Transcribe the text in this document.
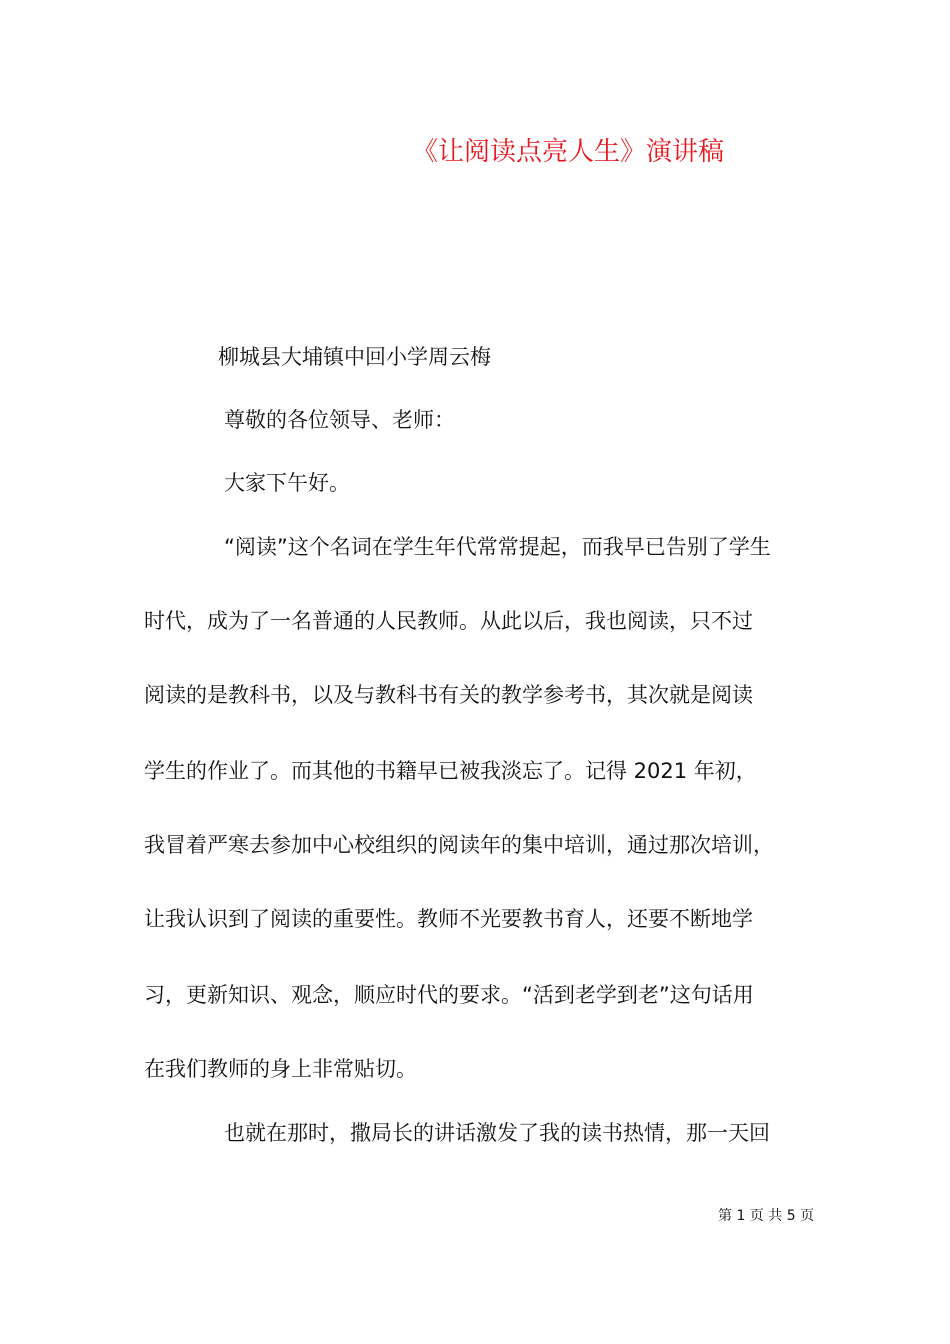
《让阅读点亮人生》演讲稿
柳城县大埔镇中回小学周云梅
尊敬的各位领导、老师：
大家下午好。
“阅读”这个名词在学生年代常常提起，而我早已告别了学生
时代，成为了一名普通的人民教师。从此以后，我也阅读，只不过
阅读的是教科书，以及与教科书有关的教学参考书，其次就是阅读
学生的作业了。而其他的书籍早已被我淡忘了。记得 2021 年初，
我冒着严寒去参加中心校组织的阅读年的集中培训，通过那次培训，
让我认识到了阅读的重要性。教师不光要教书育人，还要不断地学
习，更新知识、观念，顺应时代的要求。“活到老学到老”这句话用
在我们教师的身上非常贴切。
也就在那时，撒局长的讲话激发了我的读书热情，那一天回
第 1 页 共 5 页
